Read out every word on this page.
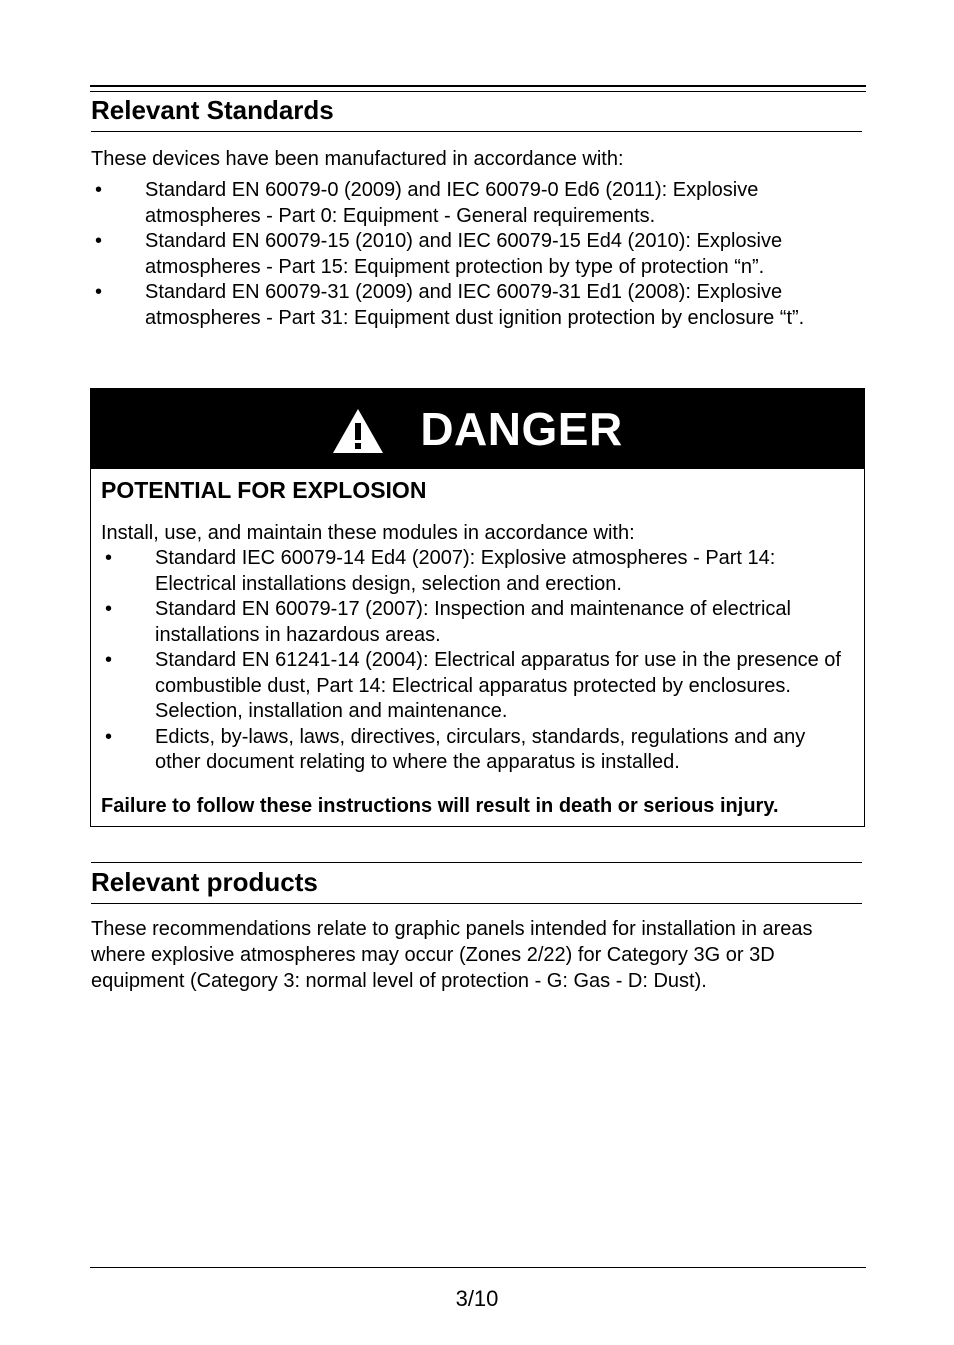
Relevant Standards

These devices have been manufactured in accordance with:

• Standard EN 60079-0 (2009) and IEC 60079-0 Ed6 (2011): Explosive atmospheres - Part 0: Equipment - General requirements.
• Standard EN 60079-15 (2010) and IEC 60079-15 Ed4 (2010): Explosive atmospheres - Part 15: Equipment protection by type of protection “n”.
• Standard EN 60079-31 (2009) and IEC 60079-31 Ed1 (2008): Explosive atmospheres - Part 31: Equipment dust ignition protection by enclosure “t”.
DANGER
POTENTIAL FOR EXPLOSION

Install, use, and maintain these modules in accordance with:

• Standard IEC 60079-14 Ed4 (2007): Explosive atmospheres - Part 14: Electrical installations design, selection and erection.
• Standard EN 60079-17 (2007): Inspection and maintenance of electrical installations in hazardous areas.
• Standard EN 61241-14 (2004): Electrical apparatus for use in the presence of combustible dust, Part 14: Electrical apparatus protected by enclosures. Selection, installation and maintenance.
• Edicts, by-laws, laws, directives, circulars, standards, regulations and any other document relating to where the apparatus is installed.

Failure to follow these instructions will result in death or serious injury.

Relevant products

These recommendations relate to graphic panels intended for installation in areas where explosive atmospheres may occur (Zones 2/22) for Category 3G or 3D equipment (Category 3: normal level of protection - G: Gas - D: Dust).

3/10
